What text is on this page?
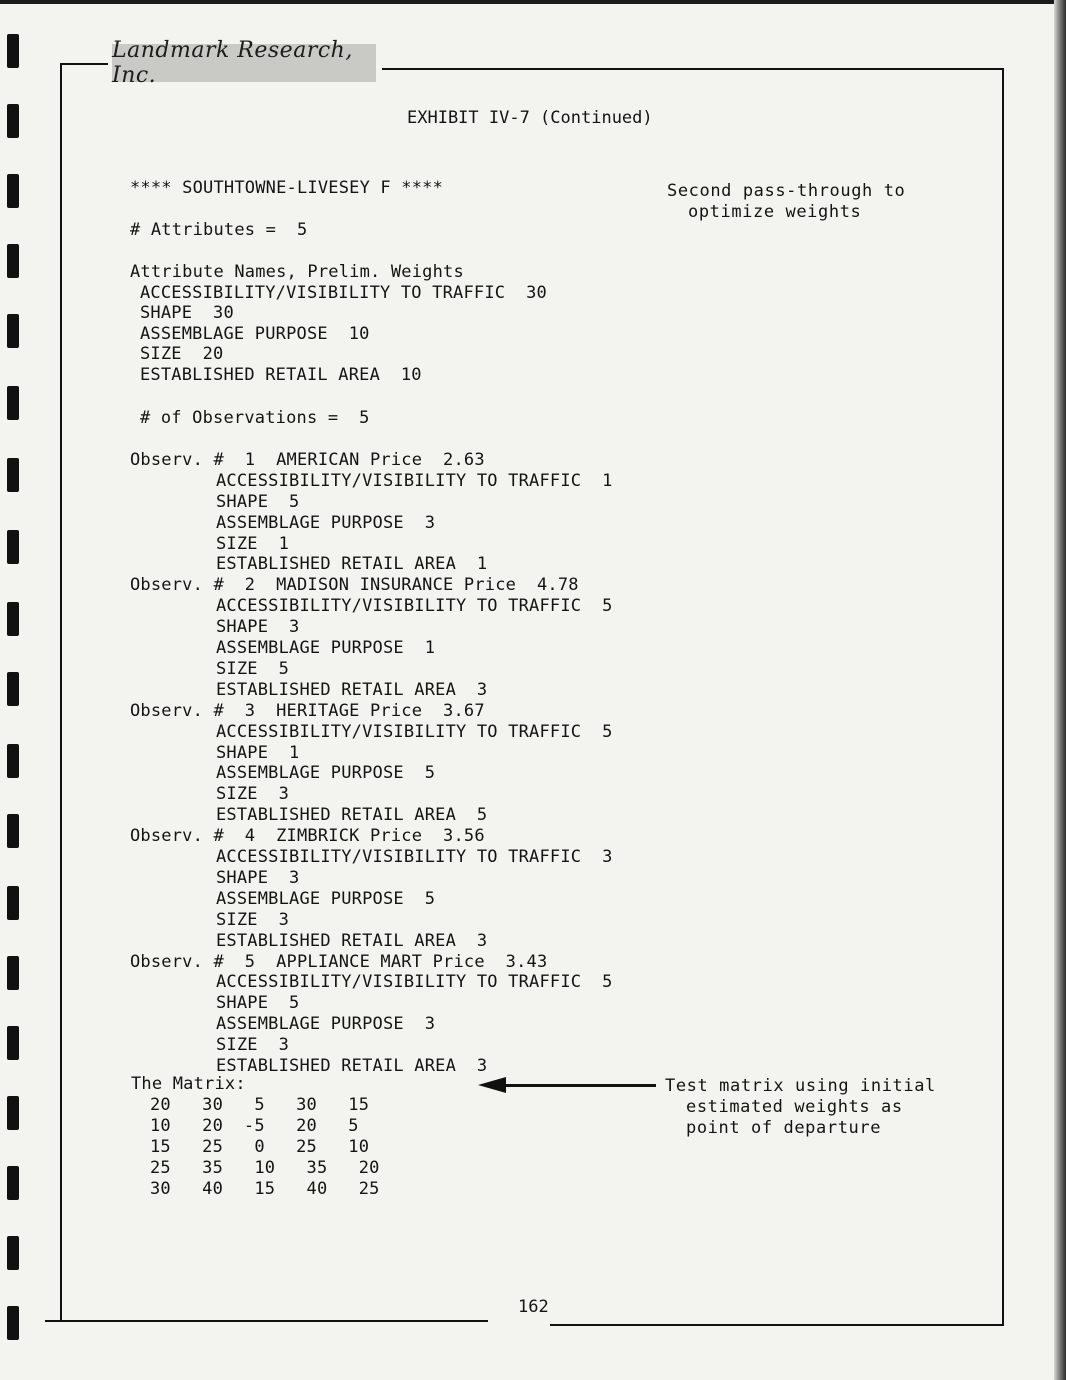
Landmark Research, Inc.
EXHIBIT IV-7 (Continued)
Second pass-through to
optimize weights
Test matrix using initial
estimated weights as
point of departure
**** SOUTHTOWNE-LIVESEY F ****
# Attributes =  5
Attribute Names, Prelim. Weights
ACCESSIBILITY/VISIBILITY TO TRAFFIC  30
SHAPE  30
ASSEMBLAGE PURPOSE  10
SIZE  20
ESTABLISHED RETAIL AREA  10
# of Observations =  5
Observ. #  1  AMERICAN Price  2.63
ACCESSIBILITY/VISIBILITY TO TRAFFIC  1
SHAPE  5
ASSEMBLAGE PURPOSE  3
SIZE  1
ESTABLISHED RETAIL AREA  1
Observ. #  2  MADISON INSURANCE Price  4.78
ACCESSIBILITY/VISIBILITY TO TRAFFIC  5
SHAPE  3
ASSEMBLAGE PURPOSE  1
SIZE  5
ESTABLISHED RETAIL AREA  3
Observ. #  3  HERITAGE Price  3.67
ACCESSIBILITY/VISIBILITY TO TRAFFIC  5
SHAPE  1
ASSEMBLAGE PURPOSE  5
SIZE  3
ESTABLISHED RETAIL AREA  5
Observ. #  4  ZIMBRICK Price  3.56
ACCESSIBILITY/VISIBILITY TO TRAFFIC  3
SHAPE  3
ASSEMBLAGE PURPOSE  5
SIZE  3
ESTABLISHED RETAIL AREA  3
Observ. #  5  APPLIANCE MART Price  3.43
ACCESSIBILITY/VISIBILITY TO TRAFFIC  5
SHAPE  5
ASSEMBLAGE PURPOSE  3
SIZE  3
ESTABLISHED RETAIL AREA  3
The Matrix:
20   30   5   30   15
10   20  -5   20   5
15   25   0   25   10
25   35   10   35   20
30   40   15   40   25
162
